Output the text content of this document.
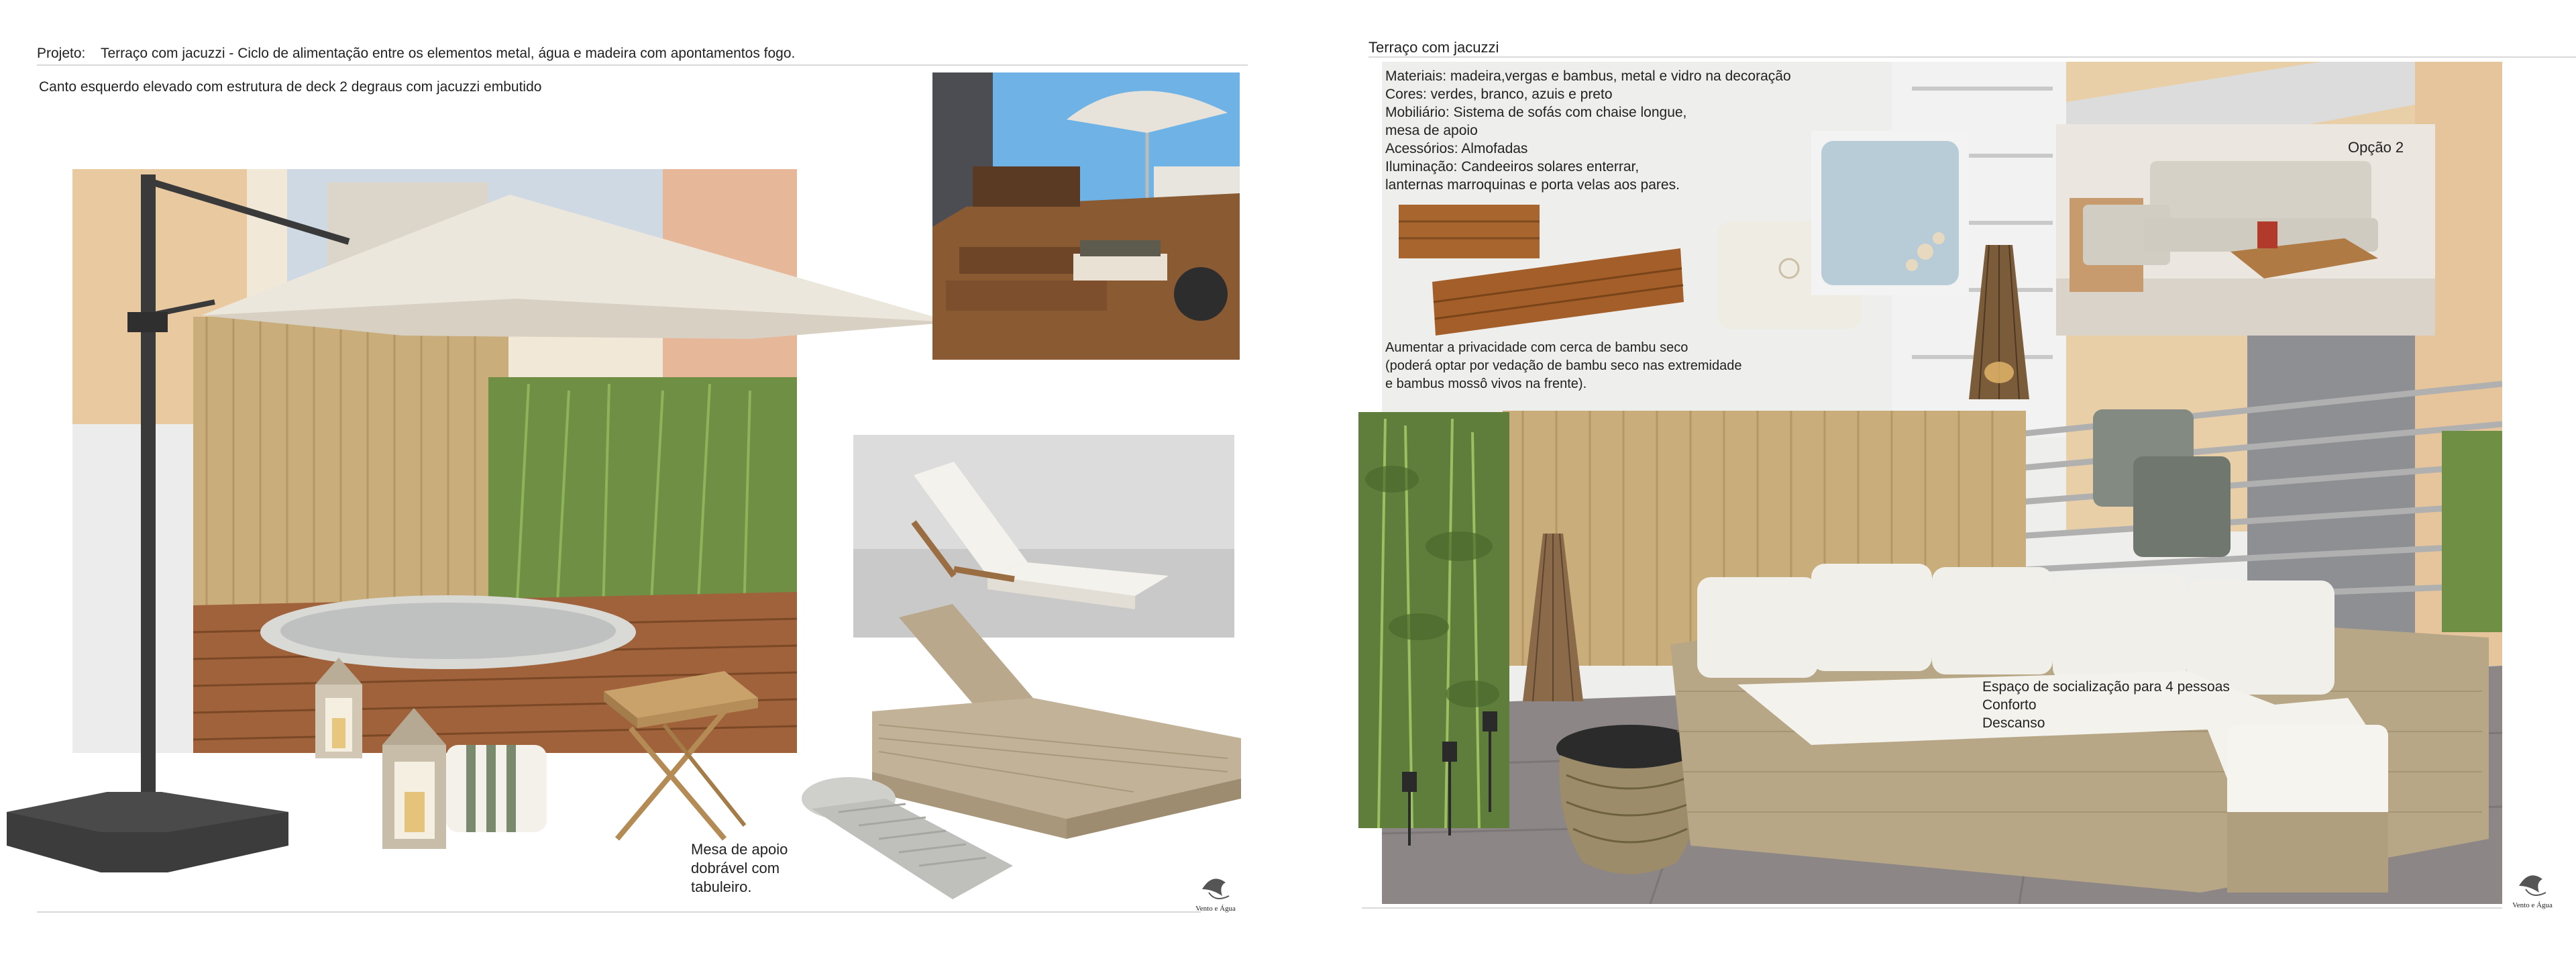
Projeto: Terraço com jacuzzi - Ciclo de alimentação entre os elementos metal, água e madeira com apontamentos fogo.
Canto esquerdo elevado com estrutura de deck 2 degraus com jacuzzi embutido
Mesa de apoio
dobrável com
tabuleiro.
Vento e Água
Terraço com jacuzzi
Materiais: madeira,vergas e bambus, metal e vidro na decoração
Cores: verdes, branco, azuis e preto
Mobiliário: Sistema de sofás com chaise longue,
mesa de apoio
Acessórios: Almofadas
Iluminação: Candeeiros solares enterrar,
lanternas marroquinas e porta velas aos pares.
Opção 2
Aumentar a privacidade com cerca de bambu seco
(poderá optar por vedação de bambu seco nas extremidade
e bambus mossô vivos na frente).
Espaço de socialização para 4 pessoas
Conforto
Descanso
Vento e Água
